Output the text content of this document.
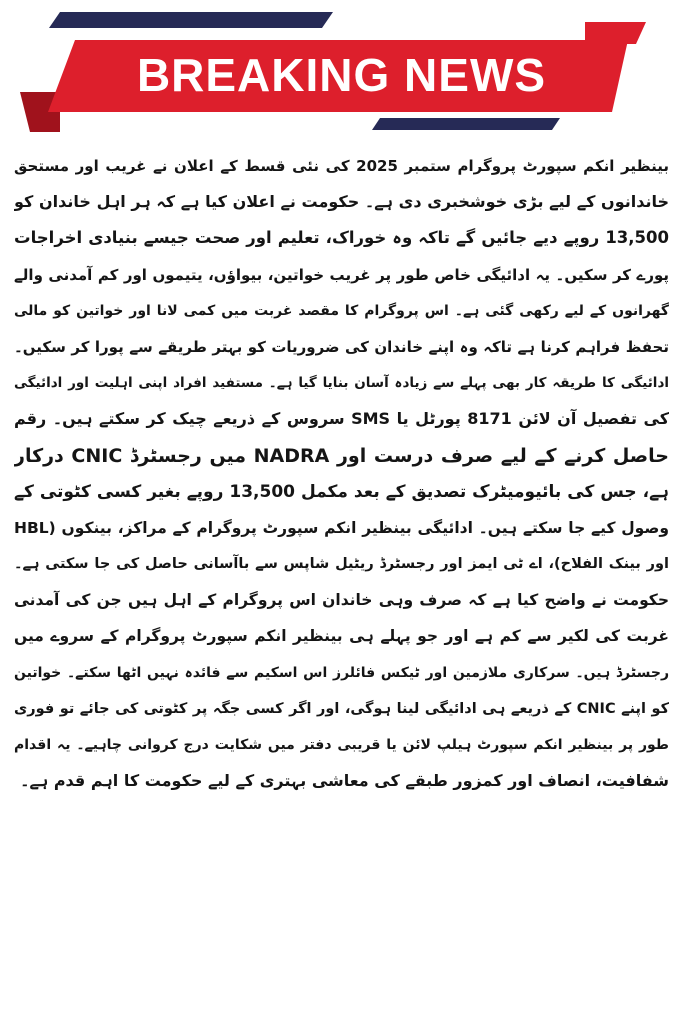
BREAKING NEWS
بینظیر انکم سپورٹ پروگرام ستمبر 2025 کی نئی قسط کے اعلان نے غریب اور مستحق
خاندانوں کے لیے بڑی خوشخبری دی ہے۔ حکومت نے اعلان کیا ہے کہ ہر اہل خاندان کو
13,500 روپے دیے جائیں گے تاکہ وہ خوراک، تعلیم اور صحت جیسے بنیادی اخراجات
پورے کر سکیں۔ یہ ادائیگی خاص طور پر غریب خواتین، بیواؤں، یتیموں اور کم آمدنی والے
گھرانوں کے لیے رکھی گئی ہے۔ اس پروگرام کا مقصد غربت میں کمی لانا اور خواتین کو مالی
تحفظ فراہم کرنا ہے تاکہ وہ اپنے خاندان کی ضروریات کو بہتر طریقے سے پورا کر سکیں۔
ادائیگی کا طریقہ کار بھی پہلے سے زیادہ آسان بنایا گیا ہے۔ مستفید افراد اپنی اہلیت اور ادائیگی
کی تفصیل آن لائن 8171 پورٹل یا SMS سروس کے ذریعے چیک کر سکتے ہیں۔ رقم
حاصل کرنے کے لیے صرف درست اور NADRA میں رجسٹرڈ CNIC درکار
ہے، جس کی بائیومیٹرک تصدیق کے بعد مکمل 13,500 روپے بغیر کسی کٹوتی کے
وصول کیے جا سکتے ہیں۔ ادائیگی بینظیر انکم سپورٹ پروگرام کے مراکز، بینکوں (HBL
اور بینک الفلاح)، اے ٹی ایمز اور رجسٹرڈ ریٹیل شاپس سے باآسانی حاصل کی جا سکتی ہے۔
حکومت نے واضح کیا ہے کہ صرف وہی خاندان اس پروگرام کے اہل ہیں جن کی آمدنی
غربت کی لکیر سے کم ہے اور جو پہلے ہی بینظیر انکم سپورٹ پروگرام کے سروے میں
رجسٹرڈ ہیں۔ سرکاری ملازمین اور ٹیکس فائلرز اس اسکیم سے فائدہ نہیں اٹھا سکتے۔ خواتین
کو اپنے CNIC کے ذریعے ہی ادائیگی لینا ہوگی، اور اگر کسی جگہ پر کٹوتی کی جائے تو فوری
طور پر بینظیر انکم سپورٹ ہیلپ لائن یا قریبی دفتر میں شکایت درج کروانی چاہیے۔ یہ اقدام
شفافیت، انصاف اور کمزور طبقے کی معاشی بہتری کے لیے حکومت کا اہم قدم ہے۔
